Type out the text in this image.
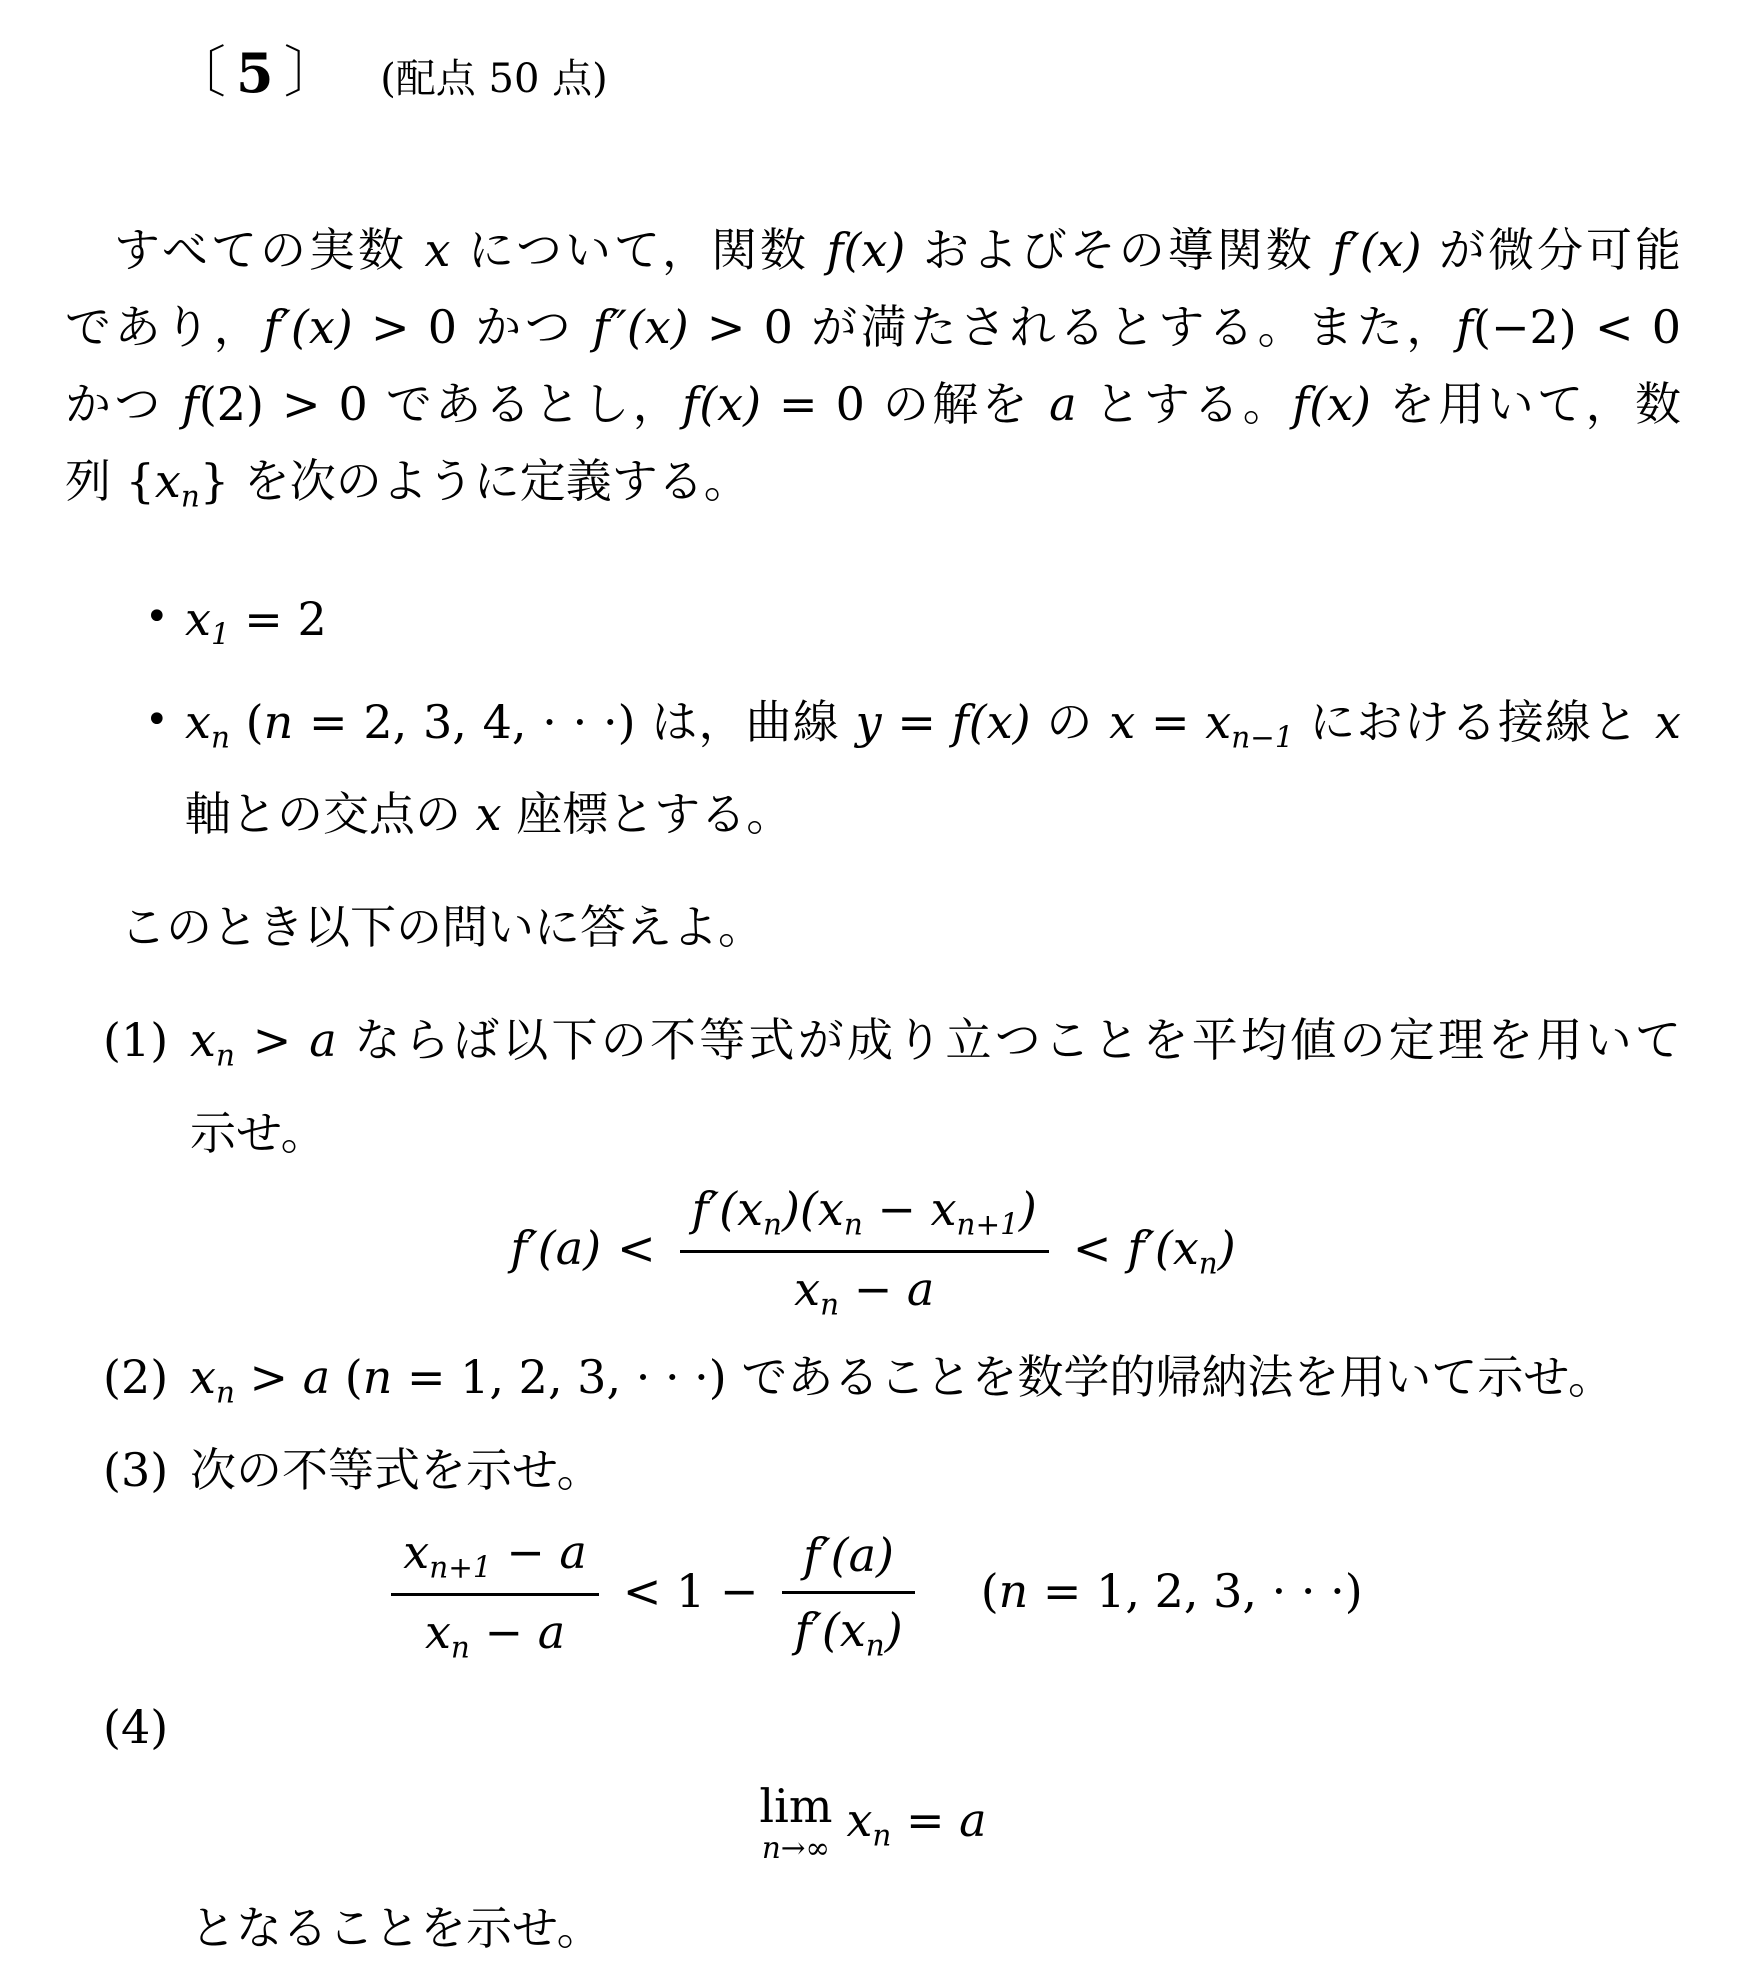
〔 5 〕 (配点 50 点)
すべての実数 x について，関数 f(x) およびその導関数 f′(x) が微分可能
であり，f′(x) > 0 かつ f″(x) > 0 が満たされるとする。また，f(−2) < 0
かつ f(2) > 0 であるとし，f(x) = 0 の解を a とする。f(x) を用いて，数
列 $\{x_n\}$ を次のように定義する。
• $x_1 = 2$
• $x_n$ (n = 2, 3, 4, · · ·) は，曲線 y = f(x) の $x = x_{n-1}$ における接線と x
軸との交点の x 座標とする。
このとき以下の問いに答えよ。
(1) $x_n > a$ ならば以下の不等式が成り立つことを平均値の定理を用いて
示せ。
$f'(a) < \frac{f'(x_n)(x_n - x_{n+1})}{x_n - a} < f'(x_n)$
(2) $x_n > a$ (n = 1, 2, 3, · · ·) であることを数学的帰納法を用いて示せ。
(3) 次の不等式を示せ。
$\frac{x_{n+1} - a}{x_n - a} < 1 - \frac{f'(a)}{f'(x_n)} (n = 1$, 2, 3, · · ·)
(4)
lim
n→∞
$x_n = a$
となることを示せ。
